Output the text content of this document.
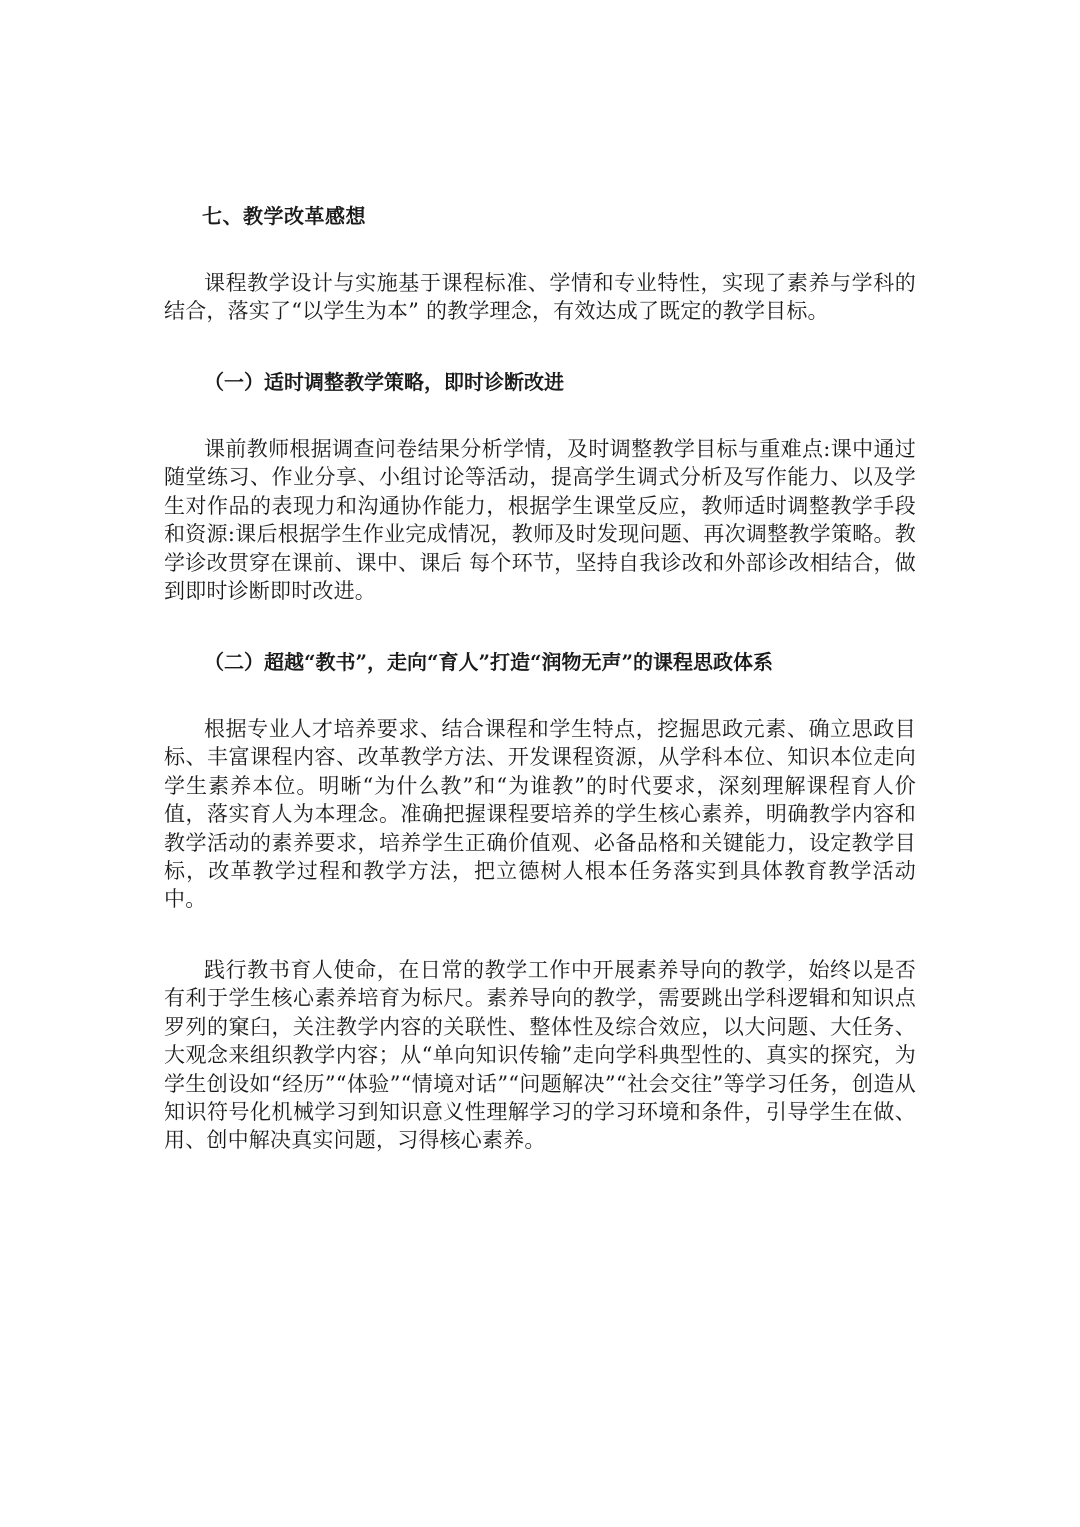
七、教学改革感想

课程教学设计与实施基于课程标准、学情和专业特性，实现了素养与学科的结合，落实了“以学生为本” 的教学理念，有效达成了既定的教学目标。

（一）适时调整教学策略，即时诊断改进

课前教师根据调查问卷结果分析学情，及时调整教学目标与重难点:课中通过随堂练习、作业分享、小组讨论等活动，提高学生调式分析及写作能力、以及学生对作品的表现力和沟通协作能力，根据学生课堂反应，教师适时调整教学手段和资源:课后根据学生作业完成情况，教师及时发现问题、再次调整教学策略。教学诊改贯穿在课前、课中、课后 每个环节，坚持自我诊改和外部诊改相结合，做到即时诊断即时改进。

（二）超越“教书”，走向“育人”打造“润物无声”的课程思政体系

根据专业人才培养要求、结合课程和学生特点，挖掘思政元素、确立思政目标、丰富课程内容、改革教学方法、开发课程资源，从学科本位、知识本位走向学生素养本位。明晰“为什么教”和“为谁教”的时代要求，深刻理解课程育人价值，落实育人为本理念。准确把握课程要培养的学生核心素养，明确教学内容和教学活动的素养要求，培养学生正确价值观、必备品格和关键能力，设定教学目标，改革教学过程和教学方法，把立德树人根本任务落实到具体教育教学活动中。

践行教书育人使命，在日常的教学工作中开展素养导向的教学，始终以是否有利于学生核心素养培育为标尺。素养导向的教学，需要跳出学科逻辑和知识点罗列的窠臼，关注教学内容的关联性、整体性及综合效应，以大问题、大任务、大观念来组织教学内容；从“单向知识传输”走向学科典型性的、真实的探究，为学生创设如“经历”“体验”“情境对话”“问题解决”“社会交往”等学习任务，创造从知识符号化机械学习到知识意义性理解学习的学习环境和条件，引导学生在做、用、创中解决真实问题，习得核心素养。
